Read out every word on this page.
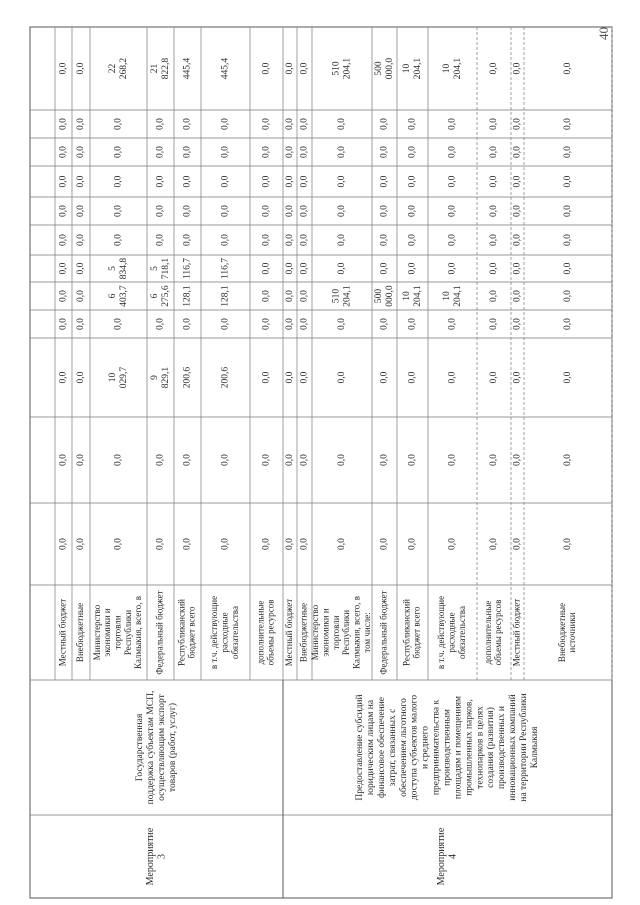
0,0
0,0
0,0
0,0
0,0
0,0
0,0
0,0
0,0
0,0
0,0
0,0
0,0
0,0
0,0
0,0
0,0
0,0
0,0
0,0
0,0
0,0
0,0
0,0
0,0
0,0
10029,7
0,0
6403,7
5834,8
0,0
0,0
0,0
0,0
0,0
22268,2
0,0
0,0
9829,1
0,0
6275,6
5718,1
0,0
0,0
0,0
0,0
0,0
21822,8
0,0
0,0
200,6
0,0
128,1
116,7
0,0
0,0
0,0
0,0
0,0
445,4
0,0
0,0
200,6
0,0
128,1
116,7
0,0
0,0
0,0
0,0
0,0
445,4
0,0
0,0
0,0
0,0
0,0
0,0
0,0
0,0
0,0
0,0
0,0
0,0
0,0
0,0
0,0
0,0
0,0
0,0
0,0
0,0
0,0
0,0
0,0
0,0
0,0
0,0
0,0
0,0
0,0
0,0
0,0
0,0
0,0
0,0
0,0
0,0
0,0
0,0
0,0
0,0
510204,1
0,0
0,0
0,0
0,0
0,0
0,0
510204,1
0,0
0,0
0,0
0,0
500000,0
0,0
0,0
0,0
0,0
0,0
0,0
500000,0
0,0
0,0
0,0
0,0
10204,1
0,0
0,0
0,0
0,0
0,0
0,0
10204,1
0,0
0,0
0,0
0,0
10204,1
0,0
0,0
0,0
0,0
0,0
0,0
10204,1
0,0
0,0
0,0
0,0
0,0
0,0
0,0
0,0
0,0
0,0
0,0
0,0
0,0
0,0
0,0
0,0
0,0
0,0
0,0
0,0
0,0
0,0
0,0
0,0
0,0
0,0
0,0
0,0
0,0
0,0
0,0
0,0
0,0
0,0
0,0
0,0
Местный бюджет Внебюджетные Министерствоэкономики иторговлиРеспубликиКалмыкия, всего, в Федеральный бюджет Республиканскийбюджет всего в т.ч. действующиерасходныеобязательства дополнительныеобъемы ресурсов Местный бюджет Внебюджетные Министерствоэкономики иторговлиРеспубликиКалмыкия, всего, втом числе: Федеральный бюджет Республиканскийбюджет всего в т.ч. действующиерасходныеобязательства дополнительныеобъемы ресурсов Местный бюджет	Внебюджетныеисточники
Государственнаяподдержка субъектам МСП,осуществляющим экспорттоваров (работ, услуг)
Мероприятие3
Предоставление субсидийюридическим лицам нафинансовое обеспечениезатрат, связанных собеспечением льготногодоступа субъектов малогои среднегопредпринимательства кпроизводственнымплощадям и помещениямпромышленных парков,технопарков в целяхсоздания (развития)производственных иинновационных компанийна территории РеспубликиКалмыкия
Мероприятие4
40
